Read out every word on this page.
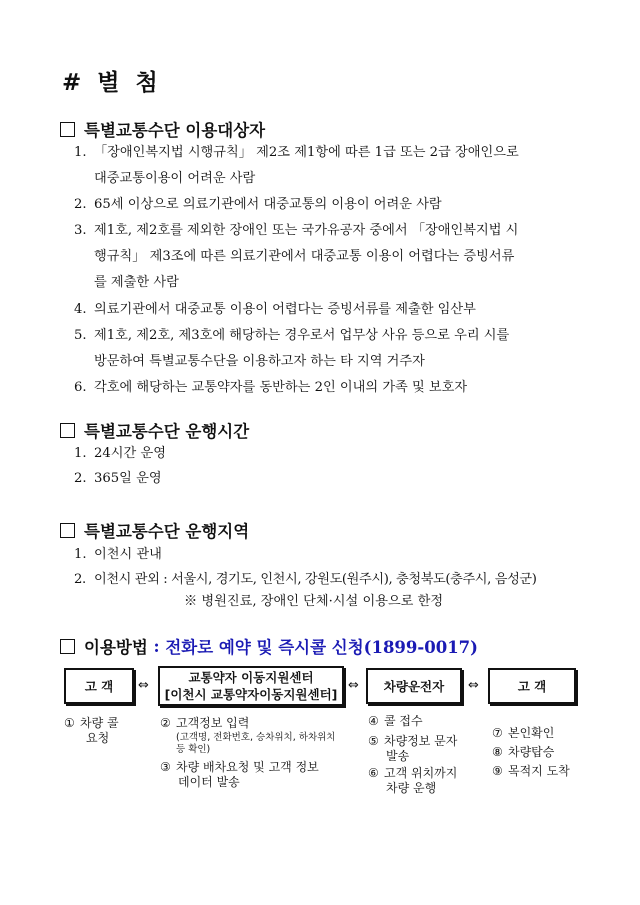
# 별 첨
특별교통수단 이용대상자
1. 「장애인복지법 시행규칙」 제2조 제1항에 따른 1급 또는 2급 장애인으로
대중교통이용이 어려운 사람
2. 65세 이상으로 의료기관에서 대중교통의 이용이 어려운 사람
3. 제1호, 제2호를 제외한 장애인 또는 국가유공자 중에서 「장애인복지법 시
행규칙」 제3조에 따른 의료기관에서 대중교통 이용이 어렵다는 증빙서류
를 제출한 사람
4. 의료기관에서 대중교통 이용이 어렵다는 증빙서류를 제출한 임산부
5. 제1호, 제2호, 제3호에 해당하는 경우로서 업무상 사유 등으로 우리 시를
방문하여 특별교통수단을 이용하고자 하는 타 지역 거주자
6. 각호에 해당하는 교통약자를 동반하는 2인 이내의 가족 및 보호자
특별교통수단 운행시간
1. 24시간 운영
2. 365일 운영
특별교통수단 운행지역
1. 이천시 관내
2. 이천시 관외 : 서울시, 경기도, 인천시, 강원도(원주시), 충청북도(충주시, 음성군)
※ 병원진료, 장애인 단체·시설 이용으로 한정
이용방법 : 전화로 예약 및 즉시콜 신청(1899-0017)
고 객 ⇔
교통약자 이동지원센터
[이천시 교통약자이동지원센터]
⇔ 차량운전자 ⇔	고 객
① 차량 콜
요청
② 고객정보 입력
(고객명, 전화번호, 승차위치, 하차위치
등 확인)
③ 차량 배차요청 및 고객 정보
데이터 발송
④ 콜 접수
⑤ 차량정보 문자
발송
⑥ 고객 위치까지
차량 운행
⑦ 본인확인
⑧ 차량탑승
⑨ 목적지 도착
